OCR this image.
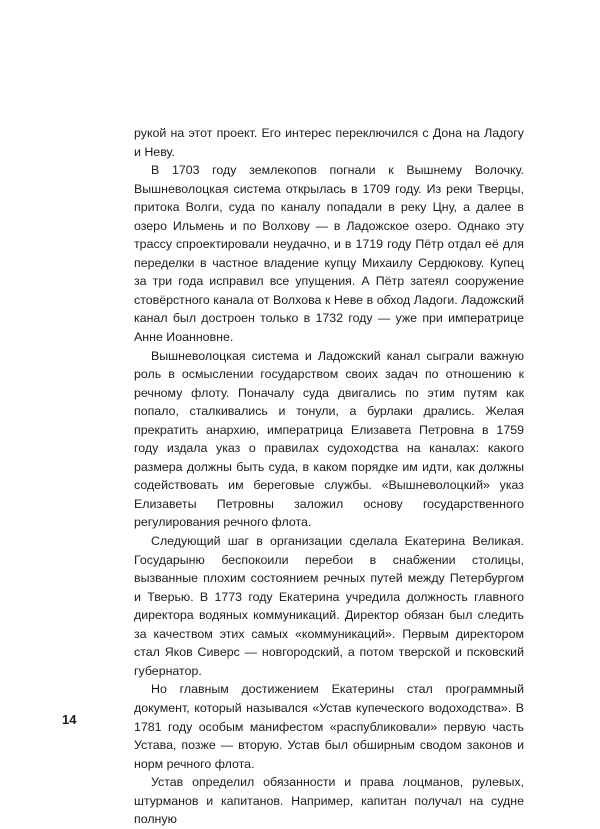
рукой на этот проект. Его интерес переключился с Дона на Ладогу и Неву.

В 1703 году землекопов погнали к Вышнему Волочку. Вышневолоцкая система открылась в 1709 году. Из реки Тверцы, притока Волги, суда по каналу попадали в реку Цну, а далее в озеро Ильмень и по Волхову — в Ладожское озеро. Однако эту трассу спроектировали неудачно, и в 1719 году Пётр отдал её для переделки в частное владение купцу Михаилу Сердюкову. Купец за три года исправил все упущения. А Пётр затеял сооружение стовёрстного канала от Волхова к Неве в обход Ладоги. Ладожский канал был достроен только в 1732 году — уже при императрице Анне Иоанновне.

Вышневолоцкая система и Ладожский канал сыграли важную роль в осмыслении государством своих задач по отношению к речному флоту. Поначалу суда двигались по этим путям как попало, сталкивались и тонули, а бурлаки дрались. Желая прекратить анархию, императрица Елизавета Петровна в 1759 году издала указ о правилах судоходства на каналах: какого размера должны быть суда, в каком порядке им идти, как должны содействовать им береговые службы. «Вышневолоцкий» указ Елизаветы Петровны заложил основу государственного регулирования речного флота.

Следующий шаг в организации сделала Екатерина Великая. Государыню беспокоили перебои в снабжении столицы, вызванные плохим состоянием речных путей между Петербургом и Тверью. В 1773 году Екатерина учредила должность главного директора водяных коммуникаций. Директор обязан был следить за качеством этих самых «коммуникаций». Первым директором стал Яков Сиверс — новгородский, а потом тверской и псковский губернатор.

Но главным достижением Екатерины стал программный документ, который назывался «Устав купеческого водоходства». В 1781 году особым манифестом «распубликовали» первую часть Устава, позже — вторую. Устав был обширным сводом законов и норм речного флота.

Устав определил обязанности и права лоцманов, рулевых, штурманов и капитанов. Например, капитан получал на судне полную

14
